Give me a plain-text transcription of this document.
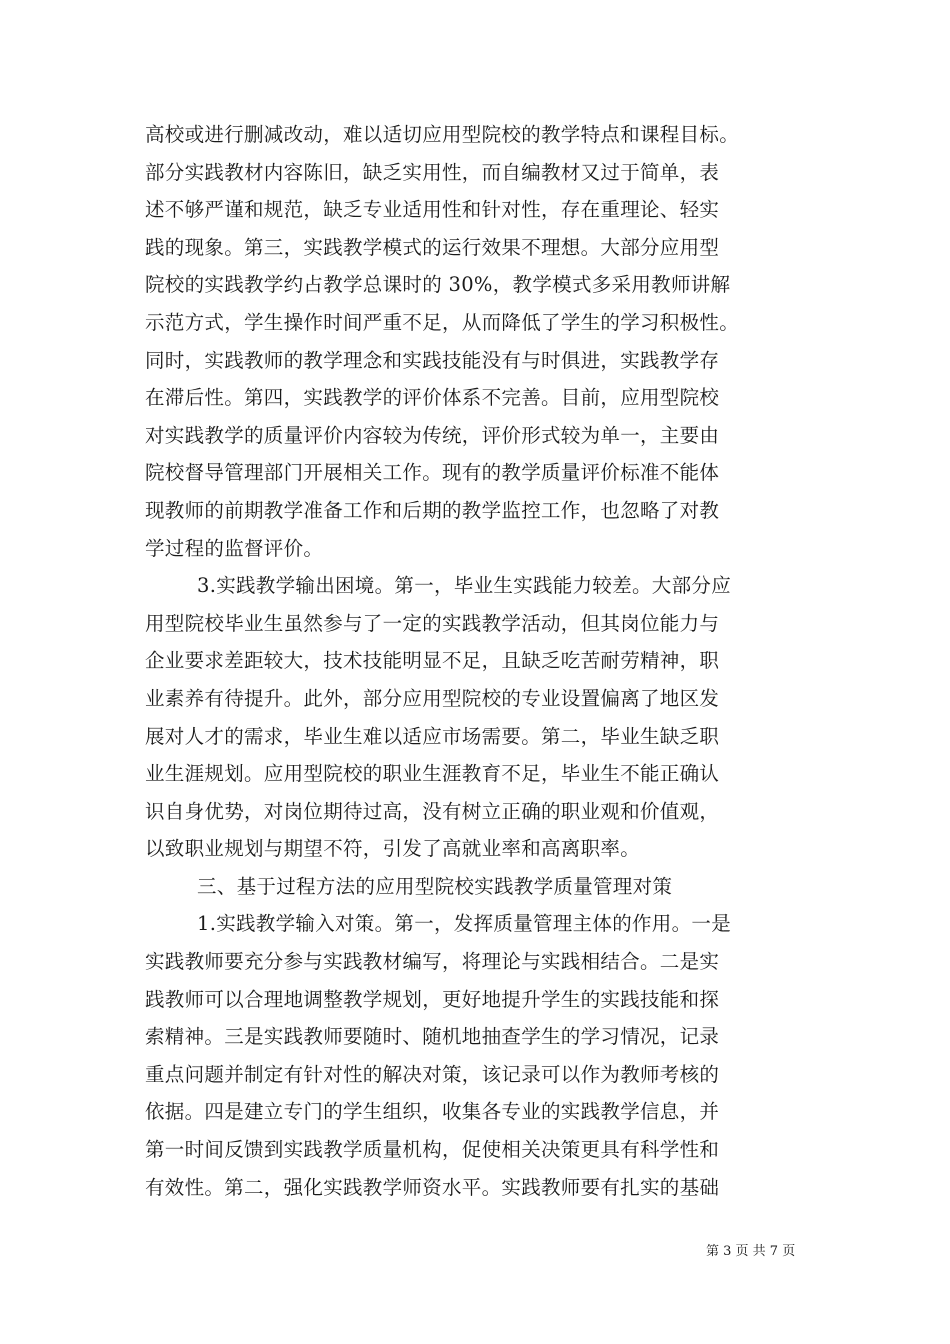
高校或进行删减改动，难以适切应用型院校的教学特点和课程目标。
部分实践教材内容陈旧，缺乏实用性，而自编教材又过于简单，表
述不够严谨和规范，缺乏专业适用性和针对性，存在重理论、轻实
践的现象。第三，实践教学模式的运行效果不理想。大部分应用型
院校的实践教学约占教学总课时的 30%，教学模式多采用教师讲解
示范方式，学生操作时间严重不足，从而降低了学生的学习积极性。
同时，实践教师的教学理念和实践技能没有与时俱进，实践教学存
在滞后性。第四，实践教学的评价体系不完善。目前，应用型院校
对实践教学的质量评价内容较为传统，评价形式较为单一，主要由
院校督导管理部门开展相关工作。现有的教学质量评价标准不能体
现教师的前期教学准备工作和后期的教学监控工作，也忽略了对教
学过程的监督评价。
3.实践教学输出困境。第一，毕业生实践能力较差。大部分应
用型院校毕业生虽然参与了一定的实践教学活动，但其岗位能力与
企业要求差距较大，技术技能明显不足，且缺乏吃苦耐劳精神，职
业素养有待提升。此外，部分应用型院校的专业设置偏离了地区发
展对人才的需求，毕业生难以适应市场需要。第二，毕业生缺乏职
业生涯规划。应用型院校的职业生涯教育不足，毕业生不能正确认
识自身优势，对岗位期待过高，没有树立正确的职业观和价值观，
以致职业规划与期望不符，引发了高就业率和高离职率。
三、基于过程方法的应用型院校实践教学质量管理对策
1.实践教学输入对策。第一，发挥质量管理主体的作用。一是
实践教师要充分参与实践教材编写，将理论与实践相结合。二是实
践教师可以合理地调整教学规划，更好地提升学生的实践技能和探
索精神。三是实践教师要随时、随机地抽查学生的学习情况，记录
重点问题并制定有针对性的解决对策，该记录可以作为教师考核的
依据。四是建立专门的学生组织，收集各专业的实践教学信息，并
第一时间反馈到实践教学质量机构，促使相关决策更具有科学性和
有效性。第二，强化实践教学师资水平。实践教师要有扎实的基础
第 3 页 共 7 页
